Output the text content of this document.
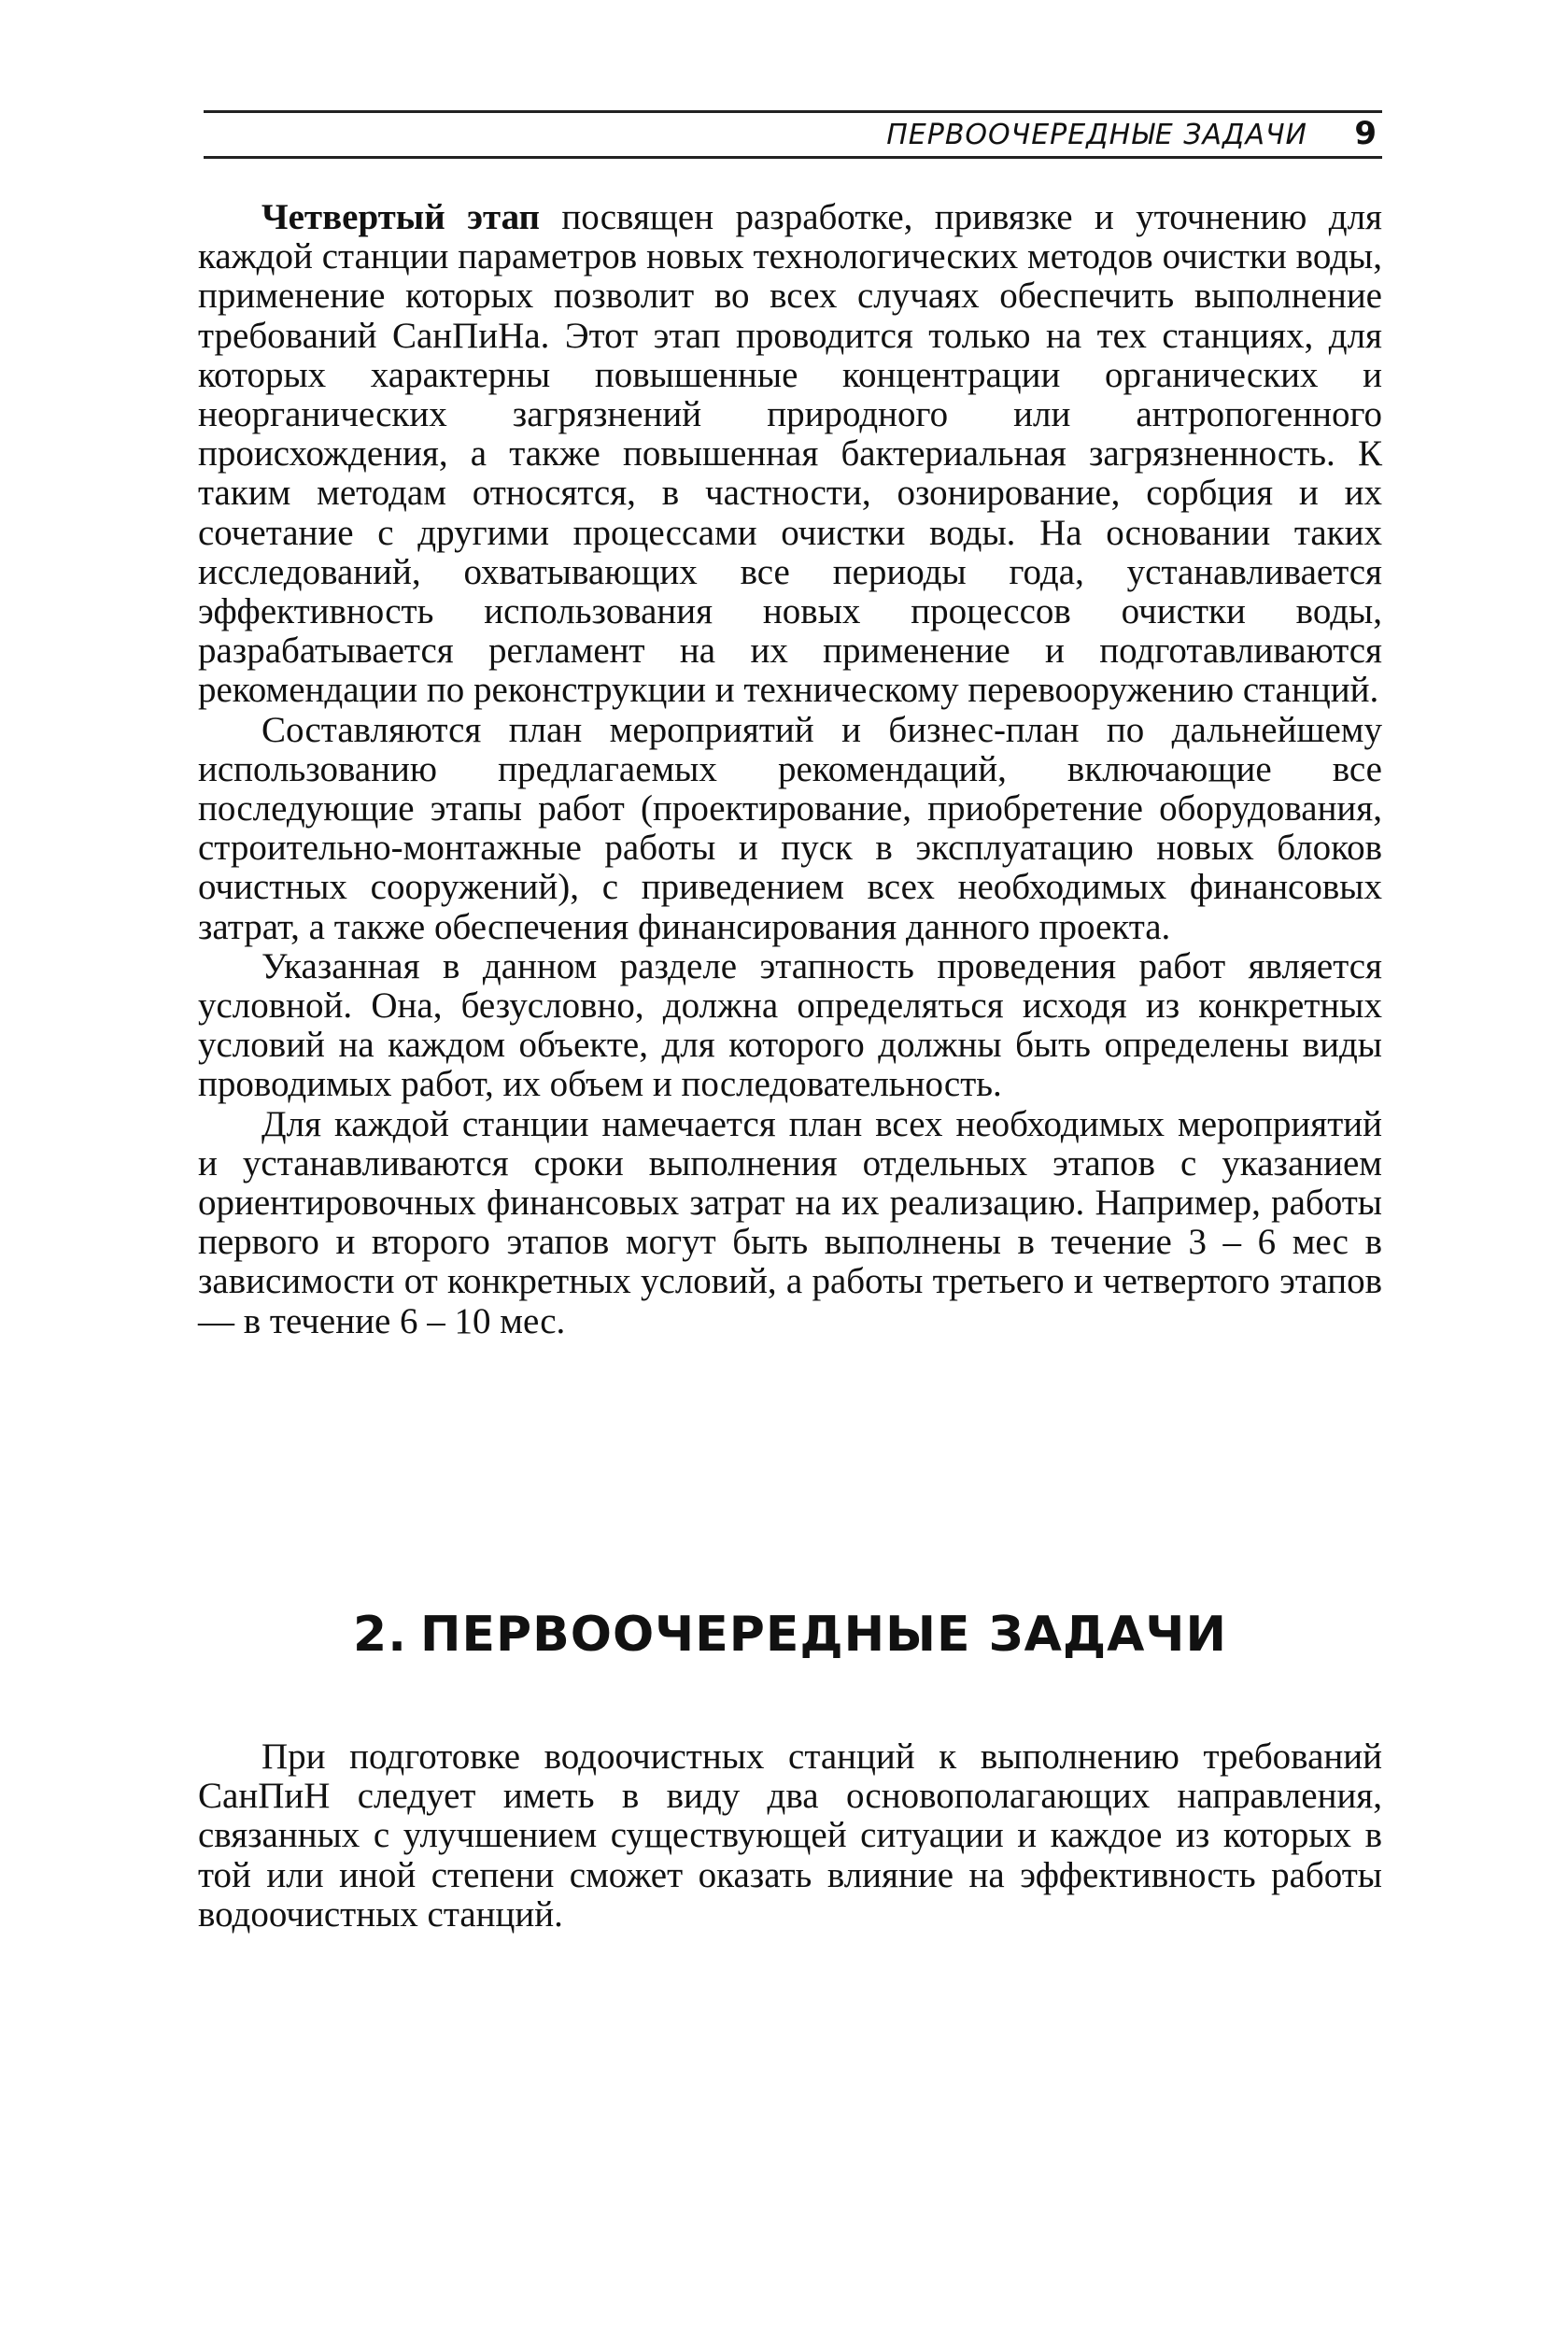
ПЕРВООЧЕРЕДНЫЕ ЗАДАЧИ 9

Четвертый этап посвящен разработке, привязке и уточнению для каждой станции параметров новых технологических методов очистки воды, применение которых позволит во всех случаях обеспечить выполнение требований СанПиНа. Этот этап проводится только на тех станциях, для которых характерны повышенные концентрации органических и неорганических загрязнений природного или антропогенного происхождения, а также повышенная бактериальная загрязненность. К таким методам относятся, в частности, озонирование, сорбция и их сочетание с другими процессами очистки воды. На основании таких исследований, охватывающих все периоды года, устанавливается эффективность использования новых процессов очистки воды, разрабатывается регламент на их применение и подготавливаются рекомендации по реконструкции и техническому перевооружению станций.

Составляются план мероприятий и бизнес-план по дальнейшему использованию предлагаемых рекомендаций, включающие все последующие этапы работ (проектирование, приобретение оборудования, строительно-монтажные работы и пуск в эксплуатацию новых блоков очистных сооружений), с приведением всех необходимых финансовых затрат, а также обеспечения финансирования данного проекта.

Указанная в данном разделе этапность проведения работ является условной. Она, безусловно, должна определяться исходя из конкретных условий на каждом объекте, для которого должны быть определены виды проводимых работ, их объем и последовательность.

Для каждой станции намечается план всех необходимых мероприятий и устанавливаются сроки выполнения отдельных этапов с указанием ориентировочных финансовых затрат на их реализацию. Например, работы первого и второго этапов могут быть выполнены в течение 3 – 6 мес в зависимости от конкретных условий, а работы третьего и четвертого этапов — в течение 6 – 10 мес.

2. ПЕРВООЧЕРЕДНЫЕ ЗАДАЧИ

При подготовке водоочистных станций к выполнению требований СанПиН следует иметь в виду два основополагающих направления, связанных с улучшением существующей ситуации и каждое из которых в той или иной степени сможет оказать влияние на эффективность работы водоочистных станций.
